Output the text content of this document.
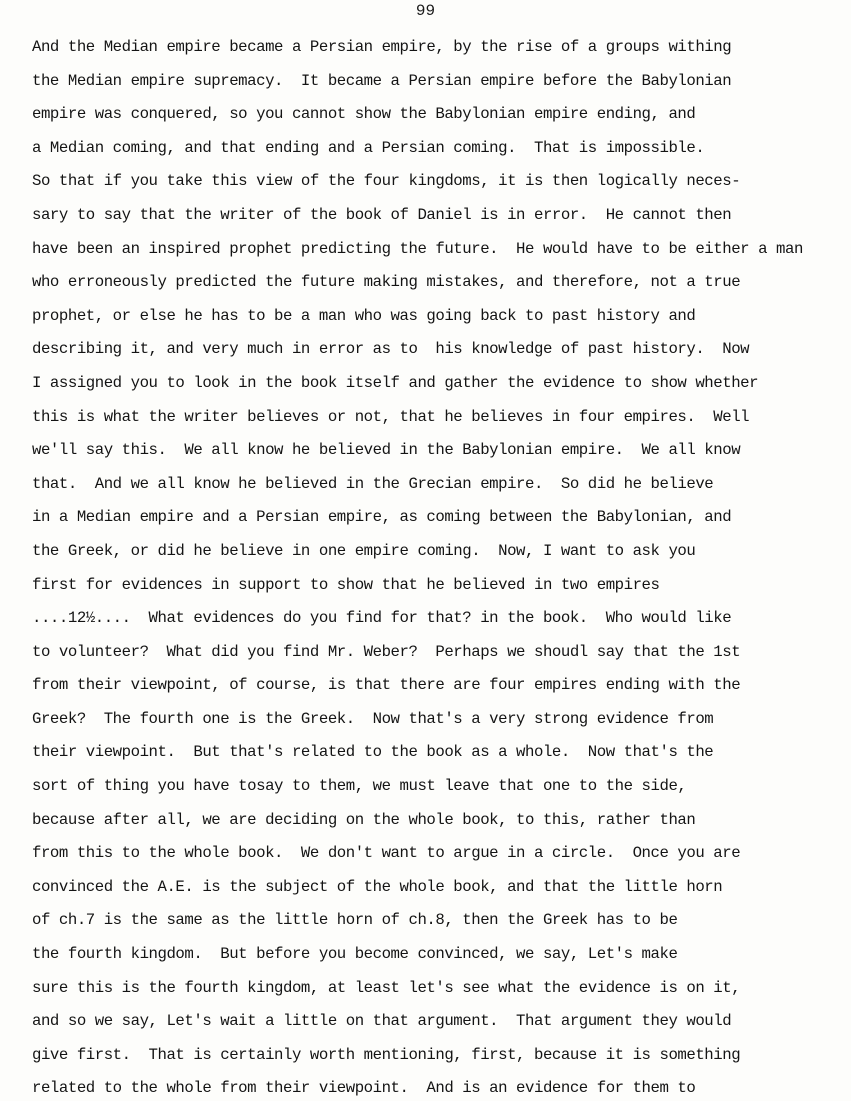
99
And the Median empire became a Persian empire, by the rise of a groups withing
the Median empire supremacy.  It became a Persian empire before the Babylonian
empire was conquered, so you cannot show the Babylonian empire ending, and
a Median coming, and that ending and a Persian coming.  That is impossible.
So that if you take this view of the four kingdoms, it is then logically neces-
sary to say that the writer of the book of Daniel is in error.  He cannot then
have been an inspired prophet predicting the future.  He would have to be either a man
who erroneously predicted the future making mistakes, and therefore, not a true
prophet, or else he has to be a man who was going back to past history and
describing it, and very much in error as to  his knowledge of past history.  Now
I assigned you to look in the book itself and gather the evidence to show whether
this is what the writer believes or not, that he believes in four empires.  Well
we'll say this.  We all know he believed in the Babylonian empire.  We all know
that.  And we all know he believed in the Grecian empire.  So did he believe
in a Median empire and a Persian empire, as coming between the Babylonian, and
the Greek, or did he believe in one empire coming.  Now, I want to ask you
first for evidences in support to show that he believed in two empires
....12½....  What evidences do you find for that? in the book.  Who would like
to volunteer?  What did you find Mr. Weber?  Perhaps we shoudl say that the 1st
from their viewpoint, of course, is that there are four empires ending with the
Greek?  The fourth one is the Greek.  Now that's a very strong evidence from
their viewpoint.  But that's related to the book as a whole.  Now that's the
sort of thing you have tosay to them, we must leave that one to the side,
because after all, we are deciding on the whole book, to this, rather than
from this to the whole book.  We don't want to argue in a circle.  Once you are
convinced the A.E. is the subject of the whole book, and that the little horn
of ch.7 is the same as the little horn of ch.8, then the Greek has to be
the fourth kingdom.  But before you become convinced, we say, Let's make
sure this is the fourth kingdom, at least let's see what the evidence is on it,
and so we say, Let's wait a little on that argument.  That argument they would
give first.  That is certainly worth mentioning, first, because it is something
related to the whole from their viewpoint.  And is an evidence for them to
